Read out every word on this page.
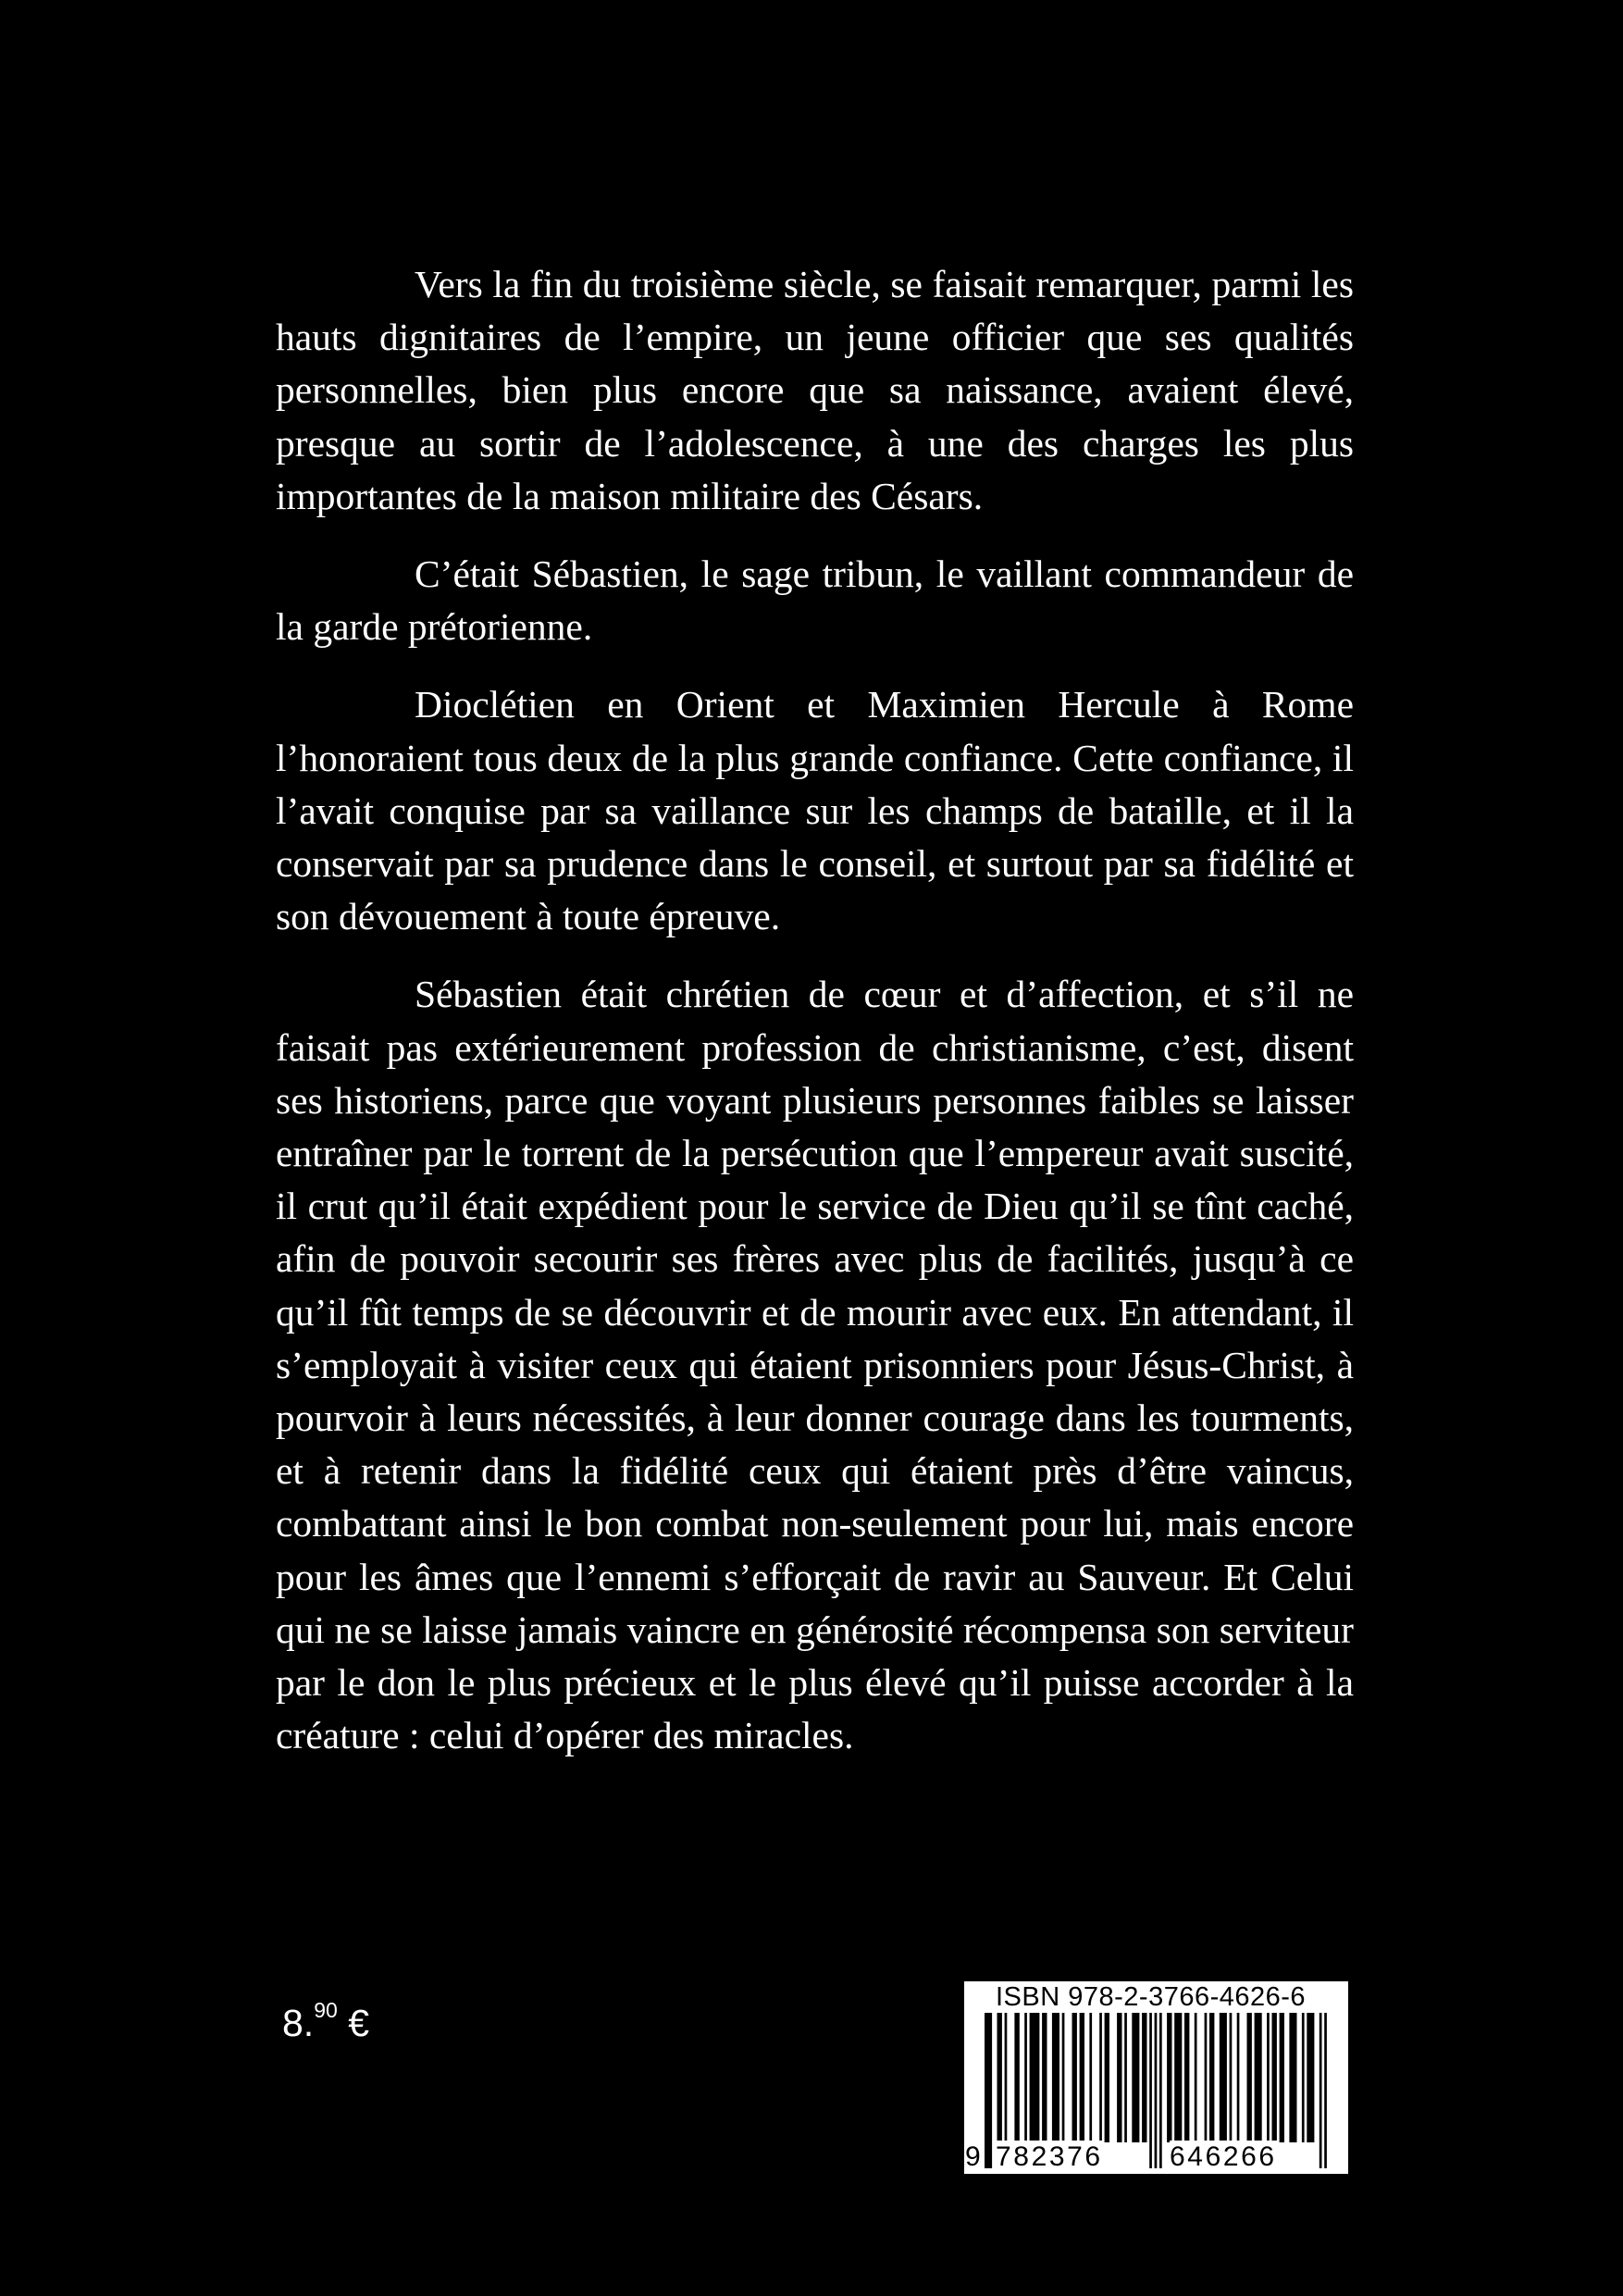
Vers la fin du troisième siècle, se faisait remarquer, parmi les hauts dignitaires de l’empire, un jeune officier que ses qualités personnelles, bien plus encore que sa naissance, avaient élevé, presque au sortir de l’adolescence, à une des charges les plus importantes de la maison militaire des Césars.

C’était Sébastien, le sage tribun, le vaillant commandeur de la garde prétorienne.

Dioclétien en Orient et Maximien Hercule à Rome l’honoraient tous deux de la plus grande confiance. Cette confiance, il l’avait conquise par sa vaillance sur les champs de bataille, et il la conservait par sa prudence dans le conseil, et surtout par sa fidélité et son dévouement à toute épreuve.

Sébastien était chrétien de cœur et d’affection, et s’il ne faisait pas extérieurement profession de christianisme, c’est, disent ses historiens, parce que voyant plusieurs personnes faibles se laisser entraîner par le torrent de la persécution que l’empereur avait suscité, il crut qu’il était expédient pour le service de Dieu qu’il se tînt caché, afin de pouvoir secourir ses frères avec plus de facilités, jusqu’à ce qu’il fût temps de se découvrir et de mourir avec eux. En attendant, il s’employait à visiter ceux qui étaient prisonniers pour Jésus-Christ, à pourvoir à leurs nécessités, à leur donner courage dans les tourments, et à retenir dans la fidélité ceux qui étaient près d’être vaincus, combattant ainsi le bon combat non-seulement pour lui, mais encore pour les âmes que l’ennemi s’efforçait de ravir au Sauveur. Et Celui qui ne se laisse jamais vaincre en générosité récompensa son serviteur par le don le plus précieux et le plus élevé qu’il puisse accorder à la créature : celui d’opérer des miracles.

8.90 €
ISBN 978-2-3766-4626-6
9 782376 646266
